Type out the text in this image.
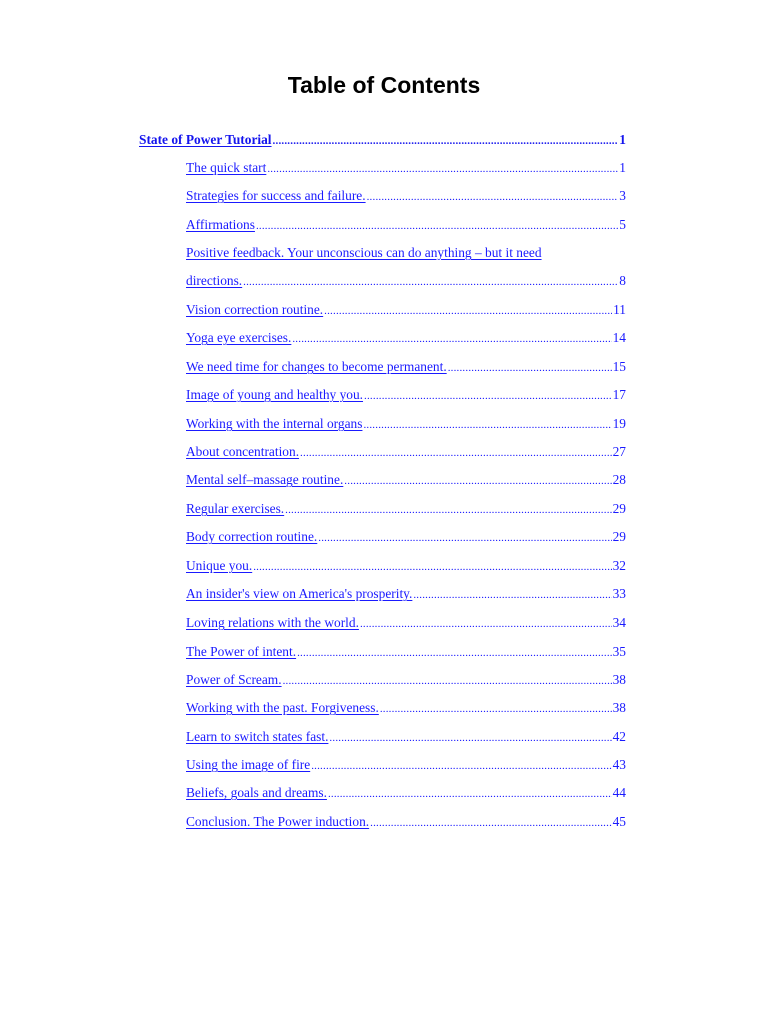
Table of Contents
State of Power Tutorial .....	1
The quick start .....	1
Strategies for success and failure. .....	3
Affirmations .....	5
Positive feedback. Your unconscious can do anything – but it need
directions. .....	8
Vision correction routine. .....	11
Yoga eye exercises. .....	14
We need time for changes to become permanent. .....	15
Image of young and healthy you. .....	17
Working with the internal organs .....	19
About concentration. .....	27
Mental self–massage routine. .....	28
Regular exercises. .....	29
Body correction routine. .....	29
Unique you. .....	32
An insider's view on America's prosperity. .....	33
Loving relations with the world. .....	34
The Power of intent. .....	35
Power of Scream. .....	38
Working with the past. Forgiveness. .....	38
Learn to switch states fast. .....	42
Using the image of fire .....	43
Beliefs, goals and dreams. .....	44
Conclusion. The Power induction. .....	45
